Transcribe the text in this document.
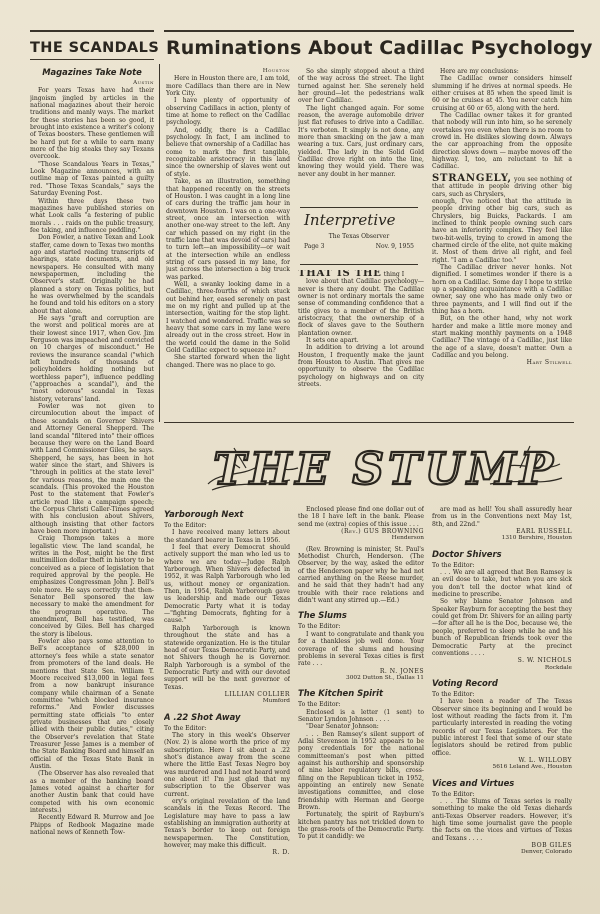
THE SCANDALS Ruminations About Cadillac Psychology
Magazines Take Note
Austin

For years Texas have had their jingoism jingled by articles in the national magazines about their heroic traditions and manly ways. The market for these stories has been so good, it brought into existence a writer's colony of Texas boosters. These gentlemen will be hard put for a while to earn many more of the big steaks they say Texans overcook.

"Those Scandalous Years in Texas," Look Magazine announces, with an outline map of Texas painted a guilty red. "Those Texas Scandals," says the Saturday Evening Post.

Within three days these two magazines have published stories on what Look calls "a festering of public morals . . . raids on the public treasury, fee taking, and influence peddling."

Don Fowler, a native Texan and Look staffer, came down to Texas two months ago and started reading transcripts of hearings, state documents, and old newspapers. He consulted with many newspapermen, including the Observer's staff. Originally he had planned a story on Texas politics, but he was overwhelmed by the scandals he found and told his editors on a story about that alone.

He says "graft and corruption are the worst and political mores are at their lowest since 1917, when Gov. Jim Ferguson was impeached and convicted on 10 charges of misconduct." He reviews the insurance scandal ("which left hundreds of thousands of policyholders holding nothing but worthless paper"), influence peddling ("approaches a scandal"), and the "most odorous" scandal in Texas history, veterans' land.

Fowler was not given to circumlocution about the impact of these scandals on Governor Shivers and Attorney General Shepperd. The land scandal "filtered into" their offices because they were on the Land Board with Land Commissioner Giles, he says. Shepperd, he says, has been in hot water since the start, and Shivers is "through in politics at the state level" for various reasons, the main one the scandals. (This provoked the Houston Post to the statement that Fowler's article read like a campaign speech; the Corpus Christi Caller-Times agreed with his conclusion about Shivers, although insisting that other factors have been more important.)

Craig Thompson takes a more legalistic view. The land scandal, he writes in the Post, might be the first multimillion dollar theft in history to be conceived as a piece of legislation that required approval by the people. He emphasizes Congressman John J. Bell's role more. He says correctly that then-Senator Bell sponsored the law necessary to make the amendment for the program operative. The amendment, Bell has testified, was conceived by Giles. Bell has charged the story is libelous.

Fowler also pays some attention to Bell's acceptance of $28,000 in attorney's fees while a state senator from promoters of the land deals. He mentions that State Sen. William T. Moore received $13,000 in legal fees from a now bankrupt insurance company while chairman of a Senate committee "which blocked insurance reforms." And Fowler discusses permitting state officials "to enter private businesses that are closely allied with their public duties," citing the Observer's revelation that State Treasurer Jesse James is a member of the State Banking Board and himself an official of the Texas State Bank in Austin.

(The Observer has also revealed that as a member of the banking board James voted against a charter for another Austin bank that could have competed with his own economic interests.)

Recently Edward R. Murrow and Joe Phipps of Redbook Magazine made national news of Kenneth Tow-

Houston

Here in Houston there are, I am told, more Cadillacs than there are in New York City.

I have plenty of opportunity of observing Cadillacs in action, plenty of time at home to reflect on the Cadillac psychology.

And, oddly, there is a Cadillac psychology. In fact, I am inclined to believe that ownership of a Cadillac has come to mark the first tangible, recognizable aristocracy in this land since the ownership of slaves went out of style.

Take, as an illustration, something that happened recently on the streets of Houston. I was caught in a long line of cars during the traffic jam hour in downtown Houston. I was on a one-way street, once an intersection with another one-way street to the left. Any car which passed on my right (in the traffic lane that was devoid of cars) had to turn left—an impossibility—or wait at the intersection while an endless string of cars passed in my lane, for just across the intersection a big truck was parked.

Well, a swanky looking dame in a Cadillac, three-fourths of which stuck out behind her, eased serenely on past me on my right and pulled up at the intersection, waiting for the stop light. I watched and wondered. Traffic was so heavy that some cars in my lane were already out in the cross street. How in the world could the dame in the Solid Gold Cadillac expect to squeeze in?

She started forward when the light changed. There was no place to go.

So she simply stopped about a third of the way across the street. The light turned against her. She serenely held her ground—let the pedestrians walk over her Cadillac.

The light changed again. For some reason, the average automobile driver just flat refuses to drive into a Cadillac. It's verboten. It simply is not done, any more than smacking on the jaw a man wearing a tux. Cars, just ordinary cars, yielded. The lady in the Solid Gold Cadillac drove right on into the line, knowing they would yield. There was never any doubt in her manner.

Interpretive
The Texas Observer
Page 3	Nov. 9, 1955

THAT IS THE thing I

love about that Cadillac psychology—never is there any doubt. The Cadillac owner is not ordinary mortals the same sense of commanding confidence that a title gives to a member of the British aristocracy, that the ownership of a flock of slaves gave to the Southern plantation owner.

It sets one apart.

In addition to driving a lot around Houston, I frequently make the jaunt from Houston to Austin. That gives me opportunity to observe the Cadillac psychology on highways and on city streets.

Here are my conclusions:

The Cadillac owner considers himself slumming if he drives at normal speeds. He either cruises at 85 when the speed limit is 60 or he cruises at 45. You never catch him cruising at 60 or 65, along with the herd.

The Cadillac owner takes it for granted that nobody will run into him, so he serenely overtakes you even when there is no room to crowd in. He dislikes slowing down. Always the car approaching from the opposite direction slows down — maybe moves off the highway. I, too, am reluctant to hit a Cadillac.

STRANGELY, you see nothing of that attitude in people driving other big cars, such as Chryslers,

enough, I've noticed that the attitude in people driving other big cars, such as Chryslers, big Buicks, Packards. I am inclined to think people owning such cars have an inferiority complex. They feel like two-bit-wells, trying to crowd in among the charmed circle of the elite, not quite making it. Most of them drive all right, and feel right. "I am a Cadillac too."

The Cadillac driver never honks. Not dignified. I sometimes wonder if there is a horn on a Cadillac. Some day I hope to strike up a speaking acquaintance with a Cadillac owner, say one who has made only two or three payments, and I will find out if the thing has a horn.

But, on the other hand, why not work harder and make a little more money and start making monthly payments on a 1948 Cadillac? The vintage of a Cadillac, just like the age of a slave, doesn't matter. Own a Cadillac and you belong.

Hart Stilwell
THE STUMP
Yarborough Next

To the Editor:

I have received many letters about the standard bearer in Texas in 1956.

I feel that every Democrat should actively support the man who led us to where we are today—Judge Ralph Yarborough. When Shivers defected in 1952, it was Ralph Yarborough who led us, without money or organization. Then, in 1954, Ralph Yarborough gave us leadership and made our Texas Democratic Party what it is today—"fighting Democrats, fighting for a cause."

Ralph Yarborough is known throughout the state and has a statewide organization. He is the titular head of our Texas Democratic Party, and not Shivers though he is Governor. Ralph Yarborough is a symbol of the Democratic Party and with our devoted support will be the next governor of Texas.

LILLIAN COLLIER
Mumford
A .22 Shot Away

To the Editor:

The story in this week's Observer (Nov. 2) is alone worth the price of my subscription. Here I sit about a .22 shot's distance away from the scene where the little East Texas Negro boy was murdered and I had not heard word one about it! I'm just glad that my subscription to the Observer was current.

ery's original revelation of the land scandals in the Texas Record. The Legislature may have to pass a law establishing an immigration authority at Texas's border to keep out foreign newspapermen. The Constitution, however, may make this difficult.

R. D.

Enclosed please find one dollar out of the 18 I have left in the bank. Please send me (extra) copies of this issue . . .

(Rev.) GUS BROWNING
Henderson

(Rev. Browning is minister, St. Paul's Methodist Church, Henderson. (The Observer, by the way, asked the editor of the Henderson paper why he had not carried anything on the Reese murder, and he said that they hadn't had any trouble with their race relations and didn't want any stirred up.—Ed.)

The Slums

To the Editor:

I want to congratulate and thank you for a thankless job well done. Your coverage of the slums and housing problems in several Texas cities is first rate . . .

R. N. JONES
3002 Dutton St., Dallas 11
The Kitchen Spirit

To the Editor:

Enclosed is a letter (1 sent) to Senator Lyndon Johnson . . . .

"Dear Senator Johnson:

. . . Ben Ramsey's silent support of Adlai Stevenson in 1952 appears to be pony credentials for the national committeeman's post when pitted against his authorship and sponsorship of nine labor regulatory bills, cross-filing on the Republican ticket in 1952, appointing an entirely new Senate investigations committee, and close friendship with Herman and George Brown.

Fortunately, the spirit of Rayburn's kitchen pantry has not trickled down to the grass-roots of the Democratic Party. To put it candidly: we

are mad as hell! You shall assuredly hear from us in the Conventions next May 1st, 8th, and 22nd."

EARL RUSSELL
1310 Bershire, Houston
Doctor Shivers

To the Editor:

. . . We are all agreed that Ben Ramsey is an evil dose to take, but when you are sick you don't tell the doctor what kind of medicine to prescribe.

So why blame Senator Johnson and Speaker Rayburn for accepting the best they could get from Dr. Shivers for an ailing party—for after all he is the Doc, because we, the people, preferred to sleep while he and his bunch of Republican friends took over the Democratic Party at the precinct conventions . . . .

S. W. NICHOLS
Rockdale
Voting Record

To the Editor:

I have been a reader of The Texas Observer since its beginning and I would be lost without reading the facts from it. I'm particularly interested in reading the voting records of our Texas Legislators. For the public interest I feel that some of our state legislators should be retired from public office.

W. L. WILLOBY
5616 Leland Ave., Houston
Vices and Virtues

To the Editor:

. . . The Slums of Texas series is really something to make the old Texas diehards anti-Texas Observer readers. However, it's high time some journalist gave the people the facts on the vices and virtues of Texas and Texans . . . .

BOB GILES
Denver, Colorado
